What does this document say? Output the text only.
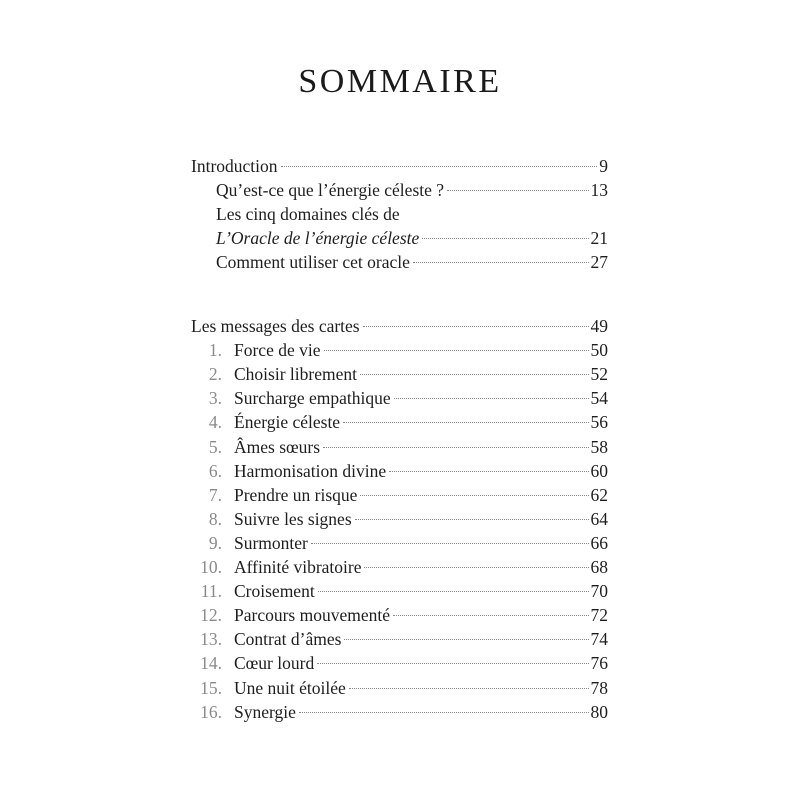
SOMMAIRE
Introduction	9
Qu’est-ce que l’énergie céleste ?	13
Les cinq domaines clés de
L’Oracle de l’énergie céleste	21
Comment utiliser cet oracle	27
Les messages des cartes	49
1. Force de vie	50
2. Choisir librement	52
3. Surcharge empathique	54
4. Énergie céleste	56
5. Âmes sœurs	58
6. Harmonisation divine	60
7. Prendre un risque	62
8. Suivre les signes	64
9. Surmonter	66
10. Affinité vibratoire	68
11. Croisement	70
12. Parcours mouvementé	72
13. Contrat d’âmes	74
14. Cœur lourd	76
15. Une nuit étoilée	78
16. Synergie	80
